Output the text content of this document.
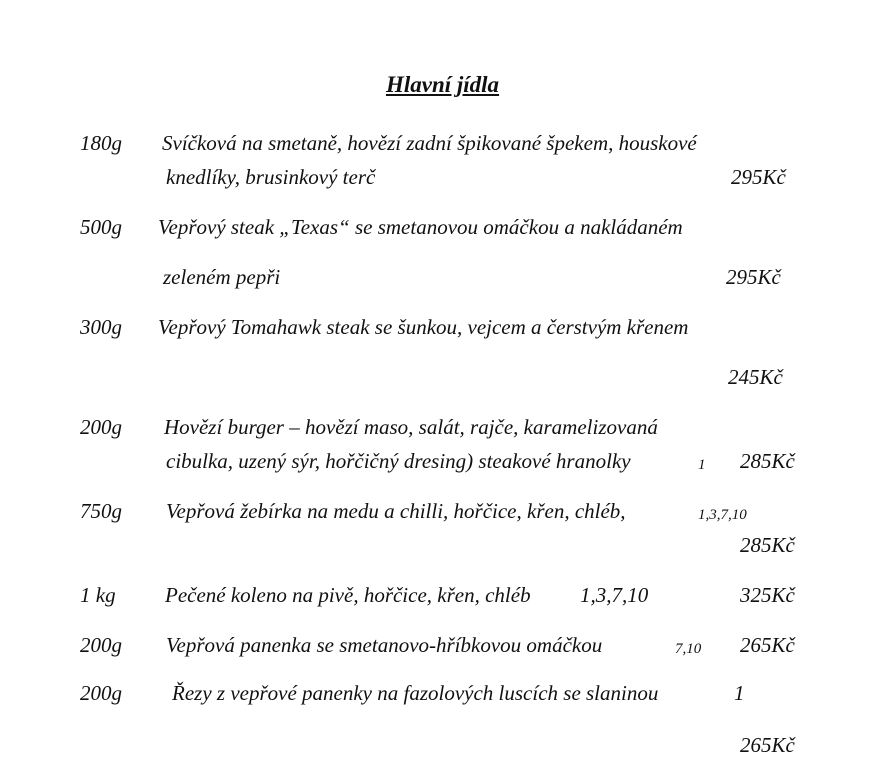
Hlavní jídla
180g Svíčková na smetaně, hovězí zadní špikované špekem, houskové
knedlíky, brusinkový terč	295Kč
500g Vepřový steak „Texas“ se smetanovou omáčkou a nakládaném
zeleném pepři	295Kč
300g Vepřový Tomahawk steak se šunkou, vejcem a čerstvým křenem
245Kč
200g Hovězí burger – hovězí maso, salát, rajče, karamelizovaná
cibulka, uzený sýr, hořčičný dresing) steakové hranolky	1 285Kč
750g Vepřová žebírka na medu a chilli, hořčice, křen, chléb,	1,3,7,10
285Kč
1 kg Pečené koleno na pivě, hořčice, křen, chléb 1,3,7,10	325Kč
200g Vepřová panenka se smetanovo-hříbkovou omáčkou	7,10 265Kč
200g Řezy z vepřové panenky na fazolových luscích se slaninou	1
265Kč
